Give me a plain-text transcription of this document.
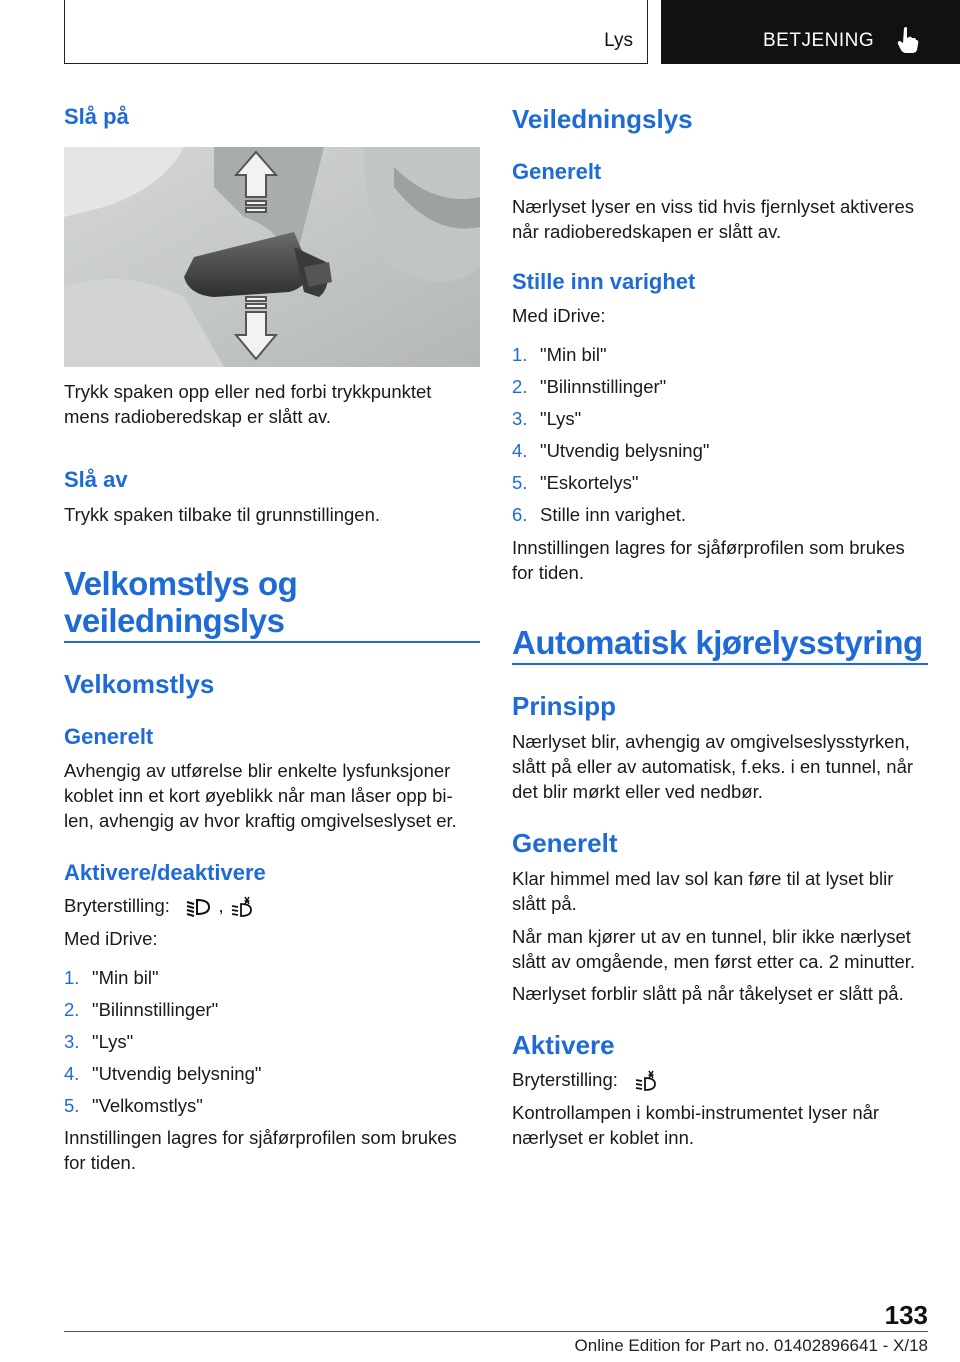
Lys	BETJENING
Slå på
Trykk spaken opp eller ned forbi trykkpunktet
mens radioberedskap er slått av.
Slå av
Trykk spaken tilbake til grunnstillingen.
Velkomstlys og
veiledningslys
Velkomstlys
Generelt
Avhengig av utførelse blir enkelte lysfunksjoner
koblet inn et kort øyeblikk når man låser opp bi-
len, avhengig av hvor kraftig omgivelseslyset er.
Aktivere/deaktivere
Bryterstilling:	,
Med iDrive:
1. "Min bil"
2. "Bilinnstillinger"
3. "Lys"
4. "Utvendig belysning"
5. "Velkomstlys"
Innstillingen lagres for sjåførprofilen som brukes
for tiden.
Veiledningslys
Generelt
Nærlyset lyser en viss tid hvis fjernlyset aktiveres
når radioberedskapen er slått av.
Stille inn varighet
Med iDrive:
1. "Min bil"
2. "Bilinnstillinger"
3. "Lys"
4. "Utvendig belysning"
5. "Eskortelys"
6. Stille inn varighet.
Innstillingen lagres for sjåførprofilen som brukes
for tiden.
Automatisk kjørelysstyring
Prinsipp
Nærlyset blir, avhengig av omgivelseslysstyrken,
slått på eller av automatisk, f.eks. i en tunnel, når
det blir mørkt eller ved nedbør.
Generelt
Klar himmel med lav sol kan føre til at lyset blir
slått på.
Når man kjører ut av en tunnel, blir ikke nærlyset
slått av omgående, men først etter ca. 2 minutter.
Nærlyset forblir slått på når tåkelyset er slått på.
Aktivere
Bryterstilling:
Kontrollampen i kombi-instrumentet lyser når
nærlyset er koblet inn.
133
Online Edition for Part no. 01402896641 - X/18
